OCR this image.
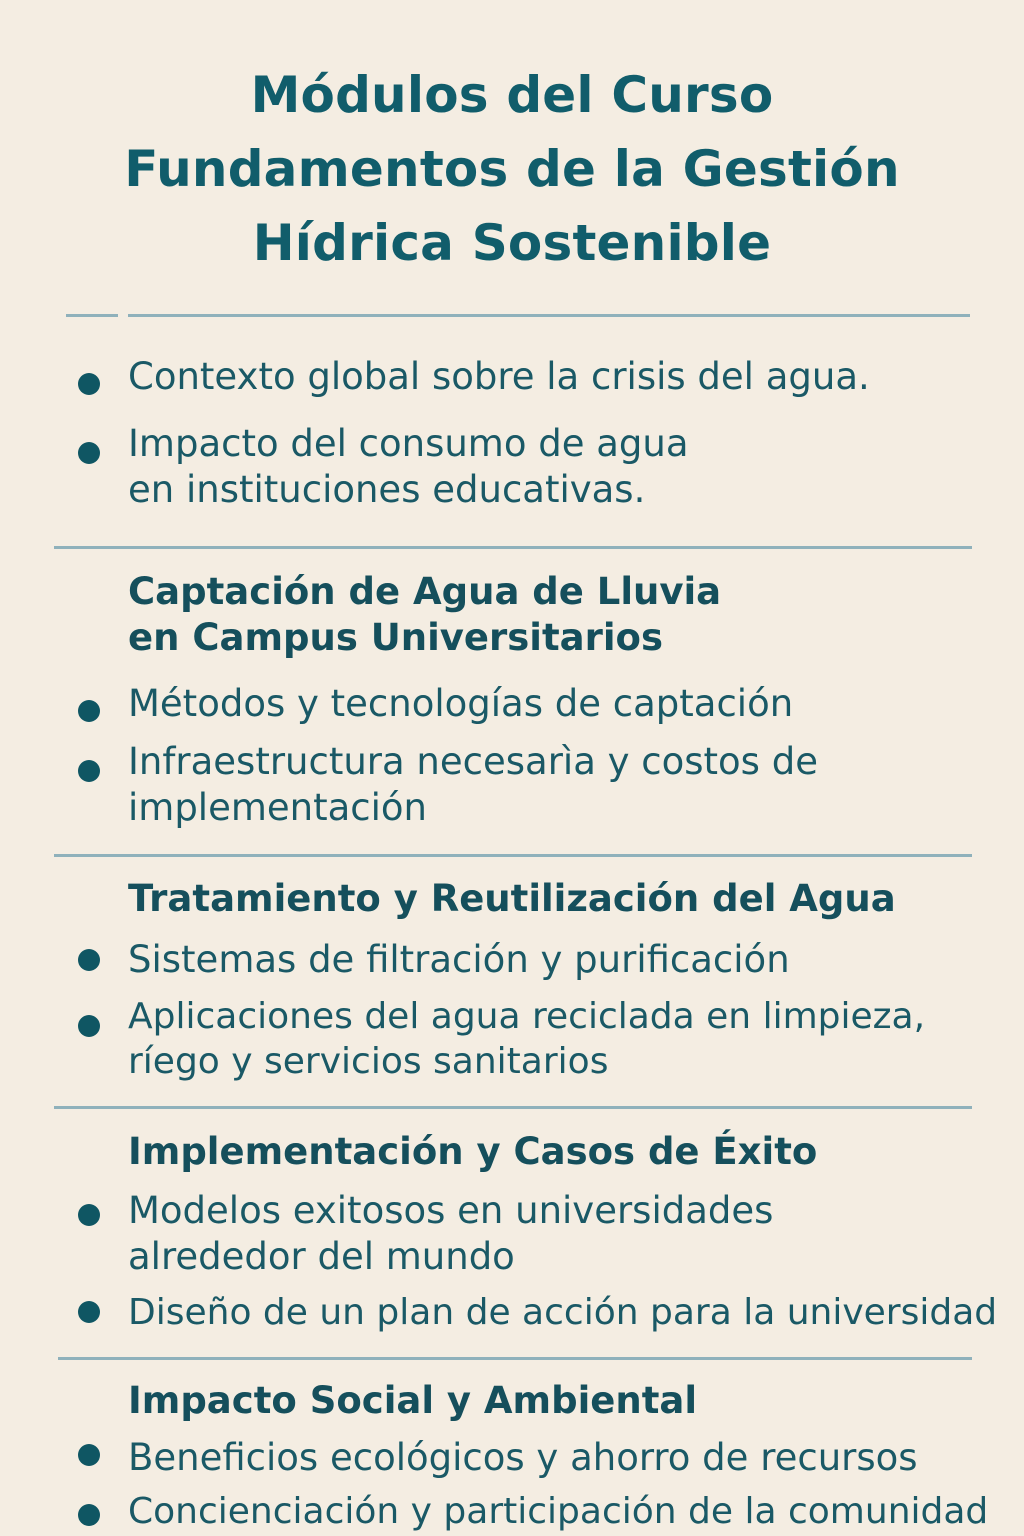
Módulos del Curso
Fundamentos de la Gestión
Hídrica Sostenible

Contexto global sobre la crisis del agua.

Impacto del consumo de agua
en instituciones educativas.

Captación de Agua de Lluvia
en Campus Universitarios

Métodos y tecnologías de captación

Infraestructura necesarìa y costos de
implementación

Tratamiento y Reutilización del Agua

Sistemas de filtración y purificación

Aplicaciones del agua reciclada en limpieza,
ríego y servicios sanitarios

Implementación y Casos de Éxito

Modelos exitosos en universidades
alrededor del mundo

Diseño de un plan de acción para la universidad

Impacto Social y Ambiental

Beneficios ecológicos y ahorro de recursos

Concienciación y participación de la comunidad
